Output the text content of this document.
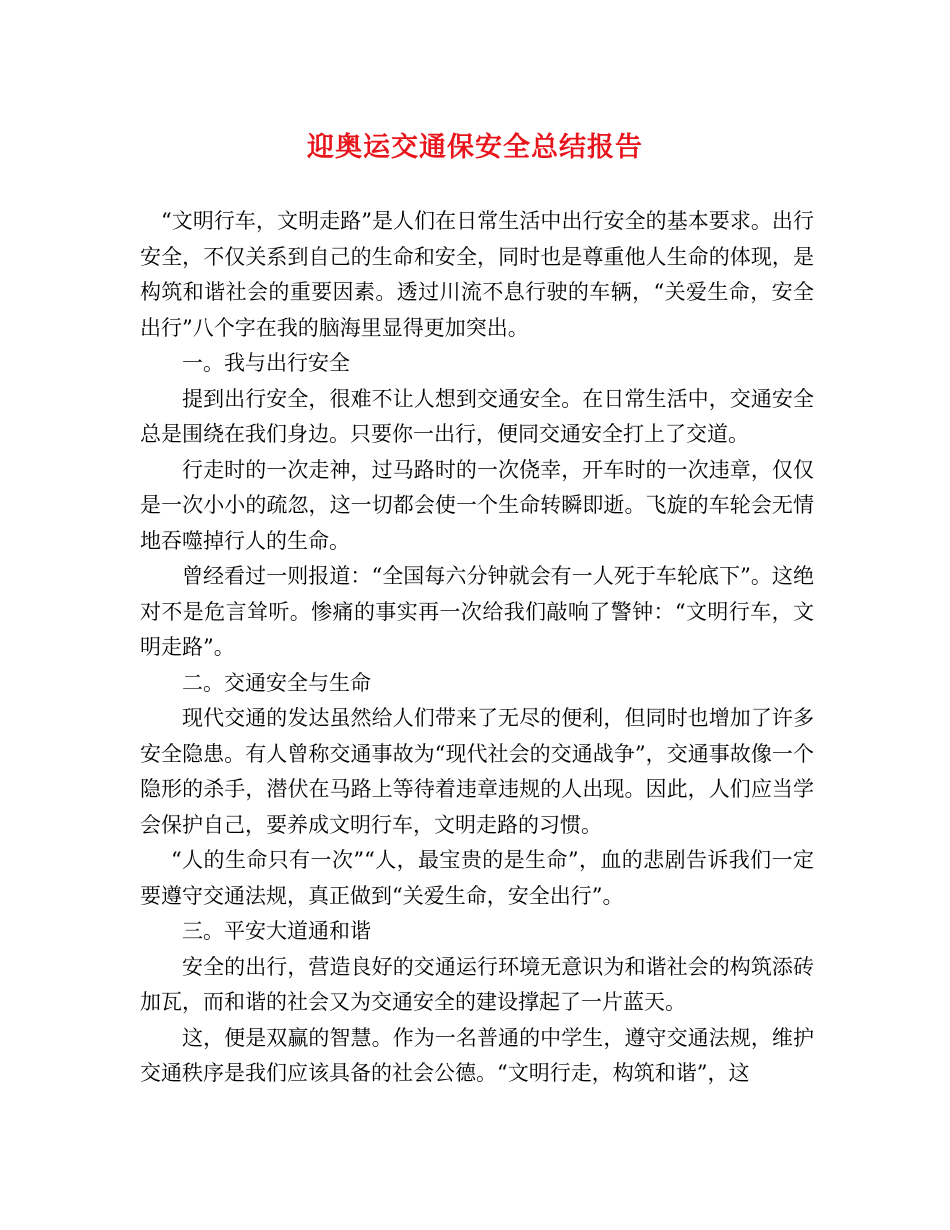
迎奥运交通保安全总结报告

“文明行车，文明走路”是人们在日常生活中出行安全的基本要求。出行安全，不仅关系到自己的生命和安全，同时也是尊重他人生命的体现，是构筑和谐社会的重要因素。透过川流不息行驶的车辆，“关爱生命，安全出行”八个字在我的脑海里显得更加突出。

一。我与出行安全

提到出行安全，很难不让人想到交通安全。在日常生活中，交通安全总是围绕在我们身边。只要你一出行，便同交通安全打上了交道。

行走时的一次走神，过马路时的一次侥幸，开车时的一次违章，仅仅是一次小小的疏忽，这一切都会使一个生命转瞬即逝。飞旋的车轮会无情地吞噬掉行人的生命。

曾经看过一则报道：“全国每六分钟就会有一人死于车轮底下”。这绝对不是危言耸听。惨痛的事实再一次给我们敲响了警钟：“文明行车，文明走路”。

二。交通安全与生命

现代交通的发达虽然给人们带来了无尽的便利，但同时也增加了许多安全隐患。有人曾称交通事故为“现代社会的交通战争”，交通事故像一个隐形的杀手，潜伏在马路上等待着违章违规的人出现。因此，人们应当学会保护自己，要养成文明行车，文明走路的习惯。

“人的生命只有一次”“人，最宝贵的是生命”，血的悲剧告诉我们一定要遵守交通法规，真正做到“关爱生命，安全出行”。

三。平安大道通和谐

安全的出行，营造良好的交通运行环境无意识为和谐社会的构筑添砖加瓦，而和谐的社会又为交通安全的建设撑起了一片蓝天。

这，便是双赢的智慧。作为一名普通的中学生，遵守交通法规，维护交通秩序是我们应该具备的社会公德。“文明行走，构筑和谐”，这
